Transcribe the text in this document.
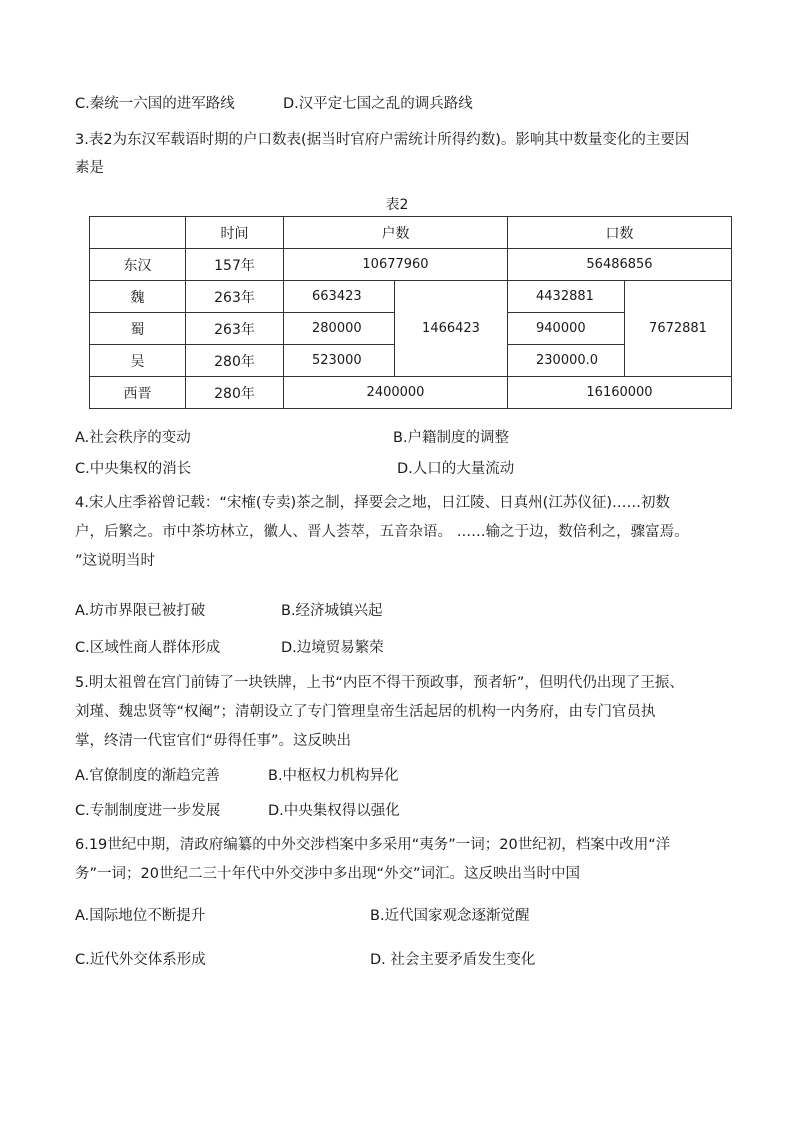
C.秦统一六国的进军路线	D.汉平定七国之乱的调兵路线
3.表2为东汉军载语时期的户口数表(据当时官府户需统计所得约数)。影响其中数量变化的主要因
素是
表2
	时间	户数		口数	
东汉	157年	10677960		56486856	
魏	263年	663423	1466423	4432881	7672881
蜀	263年	280000		940000	
吴	280年	523000		230000.0	
西晋	280年	2400000		16160000	
A.社会秩序的变动	B.户籍制度的调整
C.中央集权的消长	D.人口的大量流动
4.宋人庄季裕曾记载：“宋榷(专卖)茶之制，择要会之地，日江陵、日真州(江苏仪征)……初数
户，后繁之。市中茶坊林立，徽人、晋人荟萃，五音杂语。 ……输之于边，数倍利之，骤富焉。
”这说明当时
A.坊市界限已被打破	B.经济城镇兴起
C.区域性商人群体形成	D.边境贸易繁荣
5.明太祖曾在宫门前铸了一块铁牌，上书“内臣不得干预政事，预者斩”，但明代仍出现了王振、
刘瑾、魏忠贤等“权阉”；清朝设立了专门管理皇帝生活起居的机构一内务府，由专门官员执
掌，终清一代宦官们“毋得任事”。这反映出
A.官僚制度的渐趋完善	B.中枢权力机构异化
C.专制制度进一步发展	D.中央集权得以强化
6.19世纪中期，清政府编纂的中外交涉档案中多采用“夷务”一词；20世纪初，档案中改用“洋
务”一词；20世纪二三十年代中外交涉中多出现“外交”词汇。这反映出当时中国
A.国际地位不断提升	B.近代国家观念逐渐觉醒
C.近代外交体系形成	D. 社会主要矛盾发生变化
